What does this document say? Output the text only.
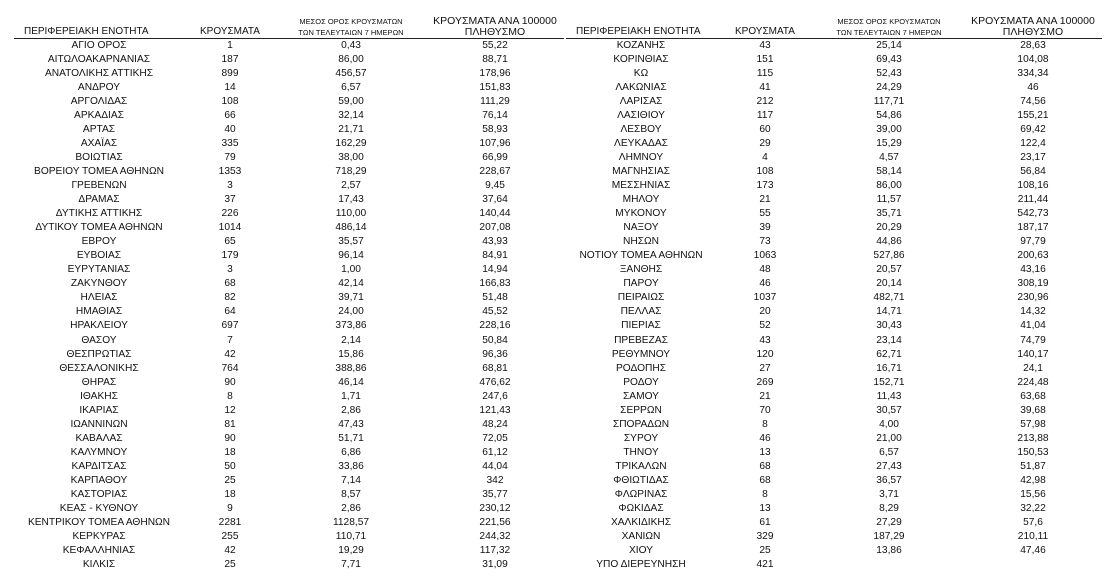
ΠΕΡΙΦΕΡΕΙΑΚΗ ΕΝΟΤΗΤΑ	ΚΡΟΥΣΜΑΤΑ	ΜΕΣΟΣ ΟΡΟΣ ΚΡΟΥΣΜΑΤΩΝ
ΤΩΝ ΤΕΛΕΥΤΑΙΩΝ 7 ΗΜΕΡΩΝ	ΚΡΟΥΣΜΑΤΑ ΑΝΑ 100000
ΠΛΗΘΥΣΜΟ

ΑΓΙΟ ΟΡΟΣ	1	0,43	55,22
ΑΙΤΩΛΟΑΚΑΡΝΑΝΙΑΣ	187	86,00	88,71
ΑΝΑΤΟΛΙΚΗΣ ΑΤΤΙΚΗΣ	899	456,57	178,96
ΑΝΔΡΟΥ	14	6,57	151,83
ΑΡΓΟΛΙΔΑΣ	108	59,00	111,29
ΑΡΚΑΔΙΑΣ	66	32,14	76,14
ΑΡΤΑΣ	40	21,71	58,93
ΑΧΑΪΑΣ	335	162,29	107,96
ΒΟΙΩΤΙΑΣ	79	38,00	66,99
ΒΟΡΕΙΟΥ ΤΟΜΕΑ ΑΘΗΝΩΝ	1353	718,29	228,67
ΓΡΕΒΕΝΩΝ	3	2,57	9,45
ΔΡΑΜΑΣ	37	17,43	37,64
ΔΥΤΙΚΗΣ ΑΤΤΙΚΗΣ	226	110,00	140,44
ΔΥΤΙΚΟΥ ΤΟΜΕΑ ΑΘΗΝΩΝ	1014	486,14	207,08
ΕΒΡΟΥ	65	35,57	43,93
ΕΥΒΟΙΑΣ	179	96,14	84,91
ΕΥΡΥΤΑΝΙΑΣ	3	1,00	14,94
ΖΑΚΥΝΘΟΥ	68	42,14	166,83
ΗΛΕΙΑΣ	82	39,71	51,48
ΗΜΑΘΙΑΣ	64	24,00	45,52
ΗΡΑΚΛΕΙΟΥ	697	373,86	228,16
ΘΑΣΟΥ	7	2,14	50,84
ΘΕΣΠΡΩΤΙΑΣ	42	15,86	96,36
ΘΕΣΣΑΛΟΝΙΚΗΣ	764	388,86	68,81
ΘΗΡΑΣ	90	46,14	476,62
ΙΘΑΚΗΣ	8	1,71	247,6
ΙΚΑΡΙΑΣ	12	2,86	121,43
ΙΩΑΝΝΙΝΩΝ	81	47,43	48,24
ΚΑΒΑΛΑΣ	90	51,71	72,05
ΚΑΛΥΜΝΟΥ	18	6,86	61,12
ΚΑΡΔΙΤΣΑΣ	50	33,86	44,04
ΚΑΡΠΑΘΟΥ	25	7,14	342
ΚΑΣΤΟΡΙΑΣ	18	8,57	35,77
ΚΕΑΣ - ΚΥΘΝΟΥ	9	2,86	230,12
ΚΕΝΤΡΙΚΟΥ ΤΟΜΕΑ ΑΘΗΝΩΝ	2281	1128,57	221,56
ΚΕΡΚΥΡΑΣ	255	110,71	244,32
ΚΕΦΑΛΛΗΝΙΑΣ	42	19,29	117,32
ΚΙΛΚΙΣ	25	7,71	31,09
ΠΕΡΙΦΕΡΕΙΑΚΗ ΕΝΟΤΗΤΑ	ΚΡΟΥΣΜΑΤΑ	ΜΕΣΟΣ ΟΡΟΣ ΚΡΟΥΣΜΑΤΩΝ
ΤΩΝ ΤΕΛΕΥΤΑΙΩΝ 7 ΗΜΕΡΩΝ	ΚΡΟΥΣΜΑΤΑ ΑΝΑ 100000
ΠΛΗΘΥΣΜΟ

ΚΟΖΑΝΗΣ	43	25,14	28,63
ΚΟΡΙΝΘΙΑΣ	151	69,43	104,08
ΚΩ	115	52,43	334,34
ΛΑΚΩΝΙΑΣ	41	24,29	46
ΛΑΡΙΣΑΣ	212	117,71	74,56
ΛΑΣΙΘΙΟΥ	117	54,86	155,21
ΛΕΣΒΟΥ	60	39,00	69,42
ΛΕΥΚΑΔΑΣ	29	15,29	122,4
ΛΗΜΝΟΥ	4	4,57	23,17
ΜΑΓΝΗΣΙΑΣ	108	58,14	56,84
ΜΕΣΣΗΝΙΑΣ	173	86,00	108,16
ΜΗΛΟΥ	21	11,57	211,44
ΜΥΚΟΝΟΥ	55	35,71	542,73
ΝΑΞΟΥ	39	20,29	187,17
ΝΗΣΩΝ	73	44,86	97,79
ΝΟΤΙΟΥ ΤΟΜΕΑ ΑΘΗΝΩΝ	1063	527,86	200,63
ΞΑΝΘΗΣ	48	20,57	43,16
ΠΑΡΟΥ	46	20,14	308,19
ΠΕΙΡΑΙΩΣ	1037	482,71	230,96
ΠΕΛΛΑΣ	20	14,71	14,32
ΠΙΕΡΙΑΣ	52	30,43	41,04
ΠΡΕΒΕΖΑΣ	43	23,14	74,79
ΡΕΘΥΜΝΟΥ	120	62,71	140,17
ΡΟΔΟΠΗΣ	27	16,71	24,1
ΡΟΔΟΥ	269	152,71	224,48
ΣΑΜΟΥ	21	11,43	63,68
ΣΕΡΡΩΝ	70	30,57	39,68
ΣΠΟΡΑΔΩΝ	8	4,00	57,98
ΣΥΡΟΥ	46	21,00	213,88
ΤΗΝΟΥ	13	6,57	150,53
ΤΡΙΚΑΛΩΝ	68	27,43	51,87
ΦΘΙΩΤΙΔΑΣ	68	36,57	42,98
ΦΛΩΡΙΝΑΣ	8	3,71	15,56
ΦΩΚΙΔΑΣ	13	8,29	32,22
ΧΑΛΚΙΔΙΚΗΣ	61	27,29	57,6
ΧΑΝΙΩΝ	329	187,29	210,11
ΧΙΟΥ	25	13,86	47,46
ΥΠΟ ΔΙΕΡΕΥΝΗΣΗ	421		
